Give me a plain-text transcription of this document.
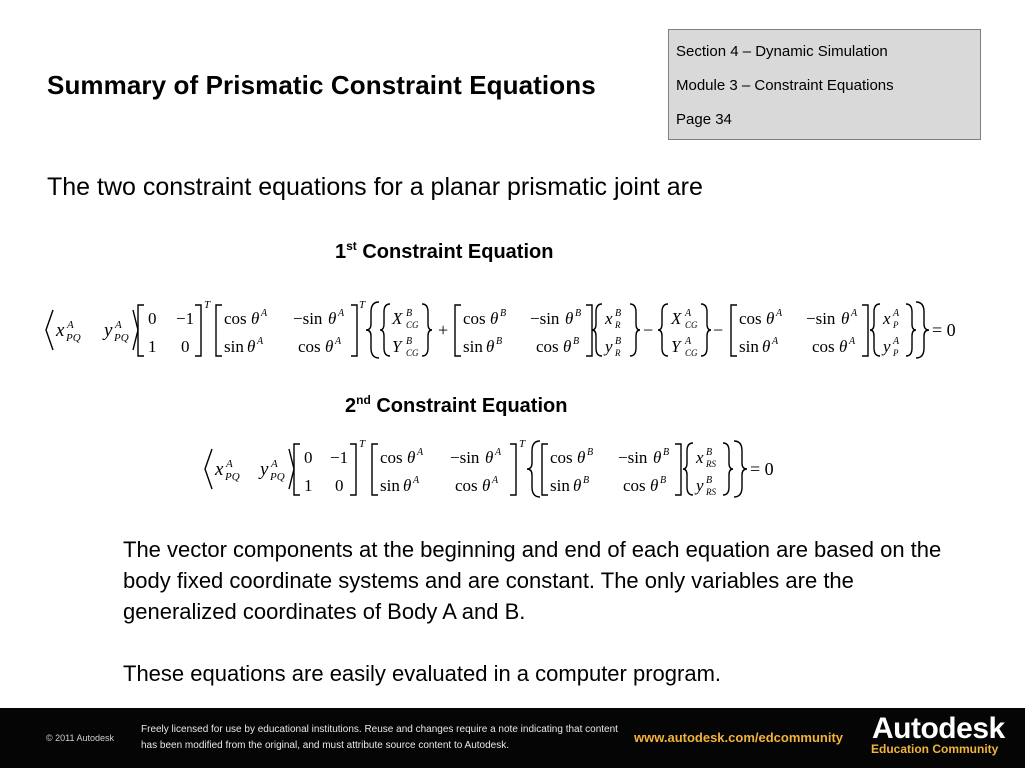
Summary of Prismatic Constraint Equations
Section 4 – Dynamic Simulation
Module 3 – Constraint Equations
Page 34
The two constraint equations for a planar prismatic joint are
1st Constraint Equation
x A
PQ y A
PQ
0 −1
1 0
T
cos θ A −sin θ A
sin θ A cos θ A
T
X B
CG
Y B
CG
+
cos θ B −sin θ B
sin θ B cos θ B
x B
R
y B
R
−
X A
CG
Y A
CG
−
cos θ A −sin θ A
sin θ A cos θ A
x A
P
y A
P
= 0
2nd Constraint Equation
x A
PQ y A
PQ
0 −1
1 0
T
cos θ A −sin θ A
sin θ A cos θ A
T
cos θ B −sin θ B
sin θ B cos θ B
x B
RS
y B
RS
= 0
The vector components at the beginning and end of each equation are based on the body fixed coordinate systems and are constant. The only variables are the generalized coordinates of Body A and B.
These equations are easily evaluated in a computer program.
© 2011 Autodesk
Freely licensed for use by educational institutions. Reuse and changes require a note indicating that content has been modified from the original, and must attribute source content to Autodesk.
www.autodesk.com/edcommunity Autodesk
Education Community
